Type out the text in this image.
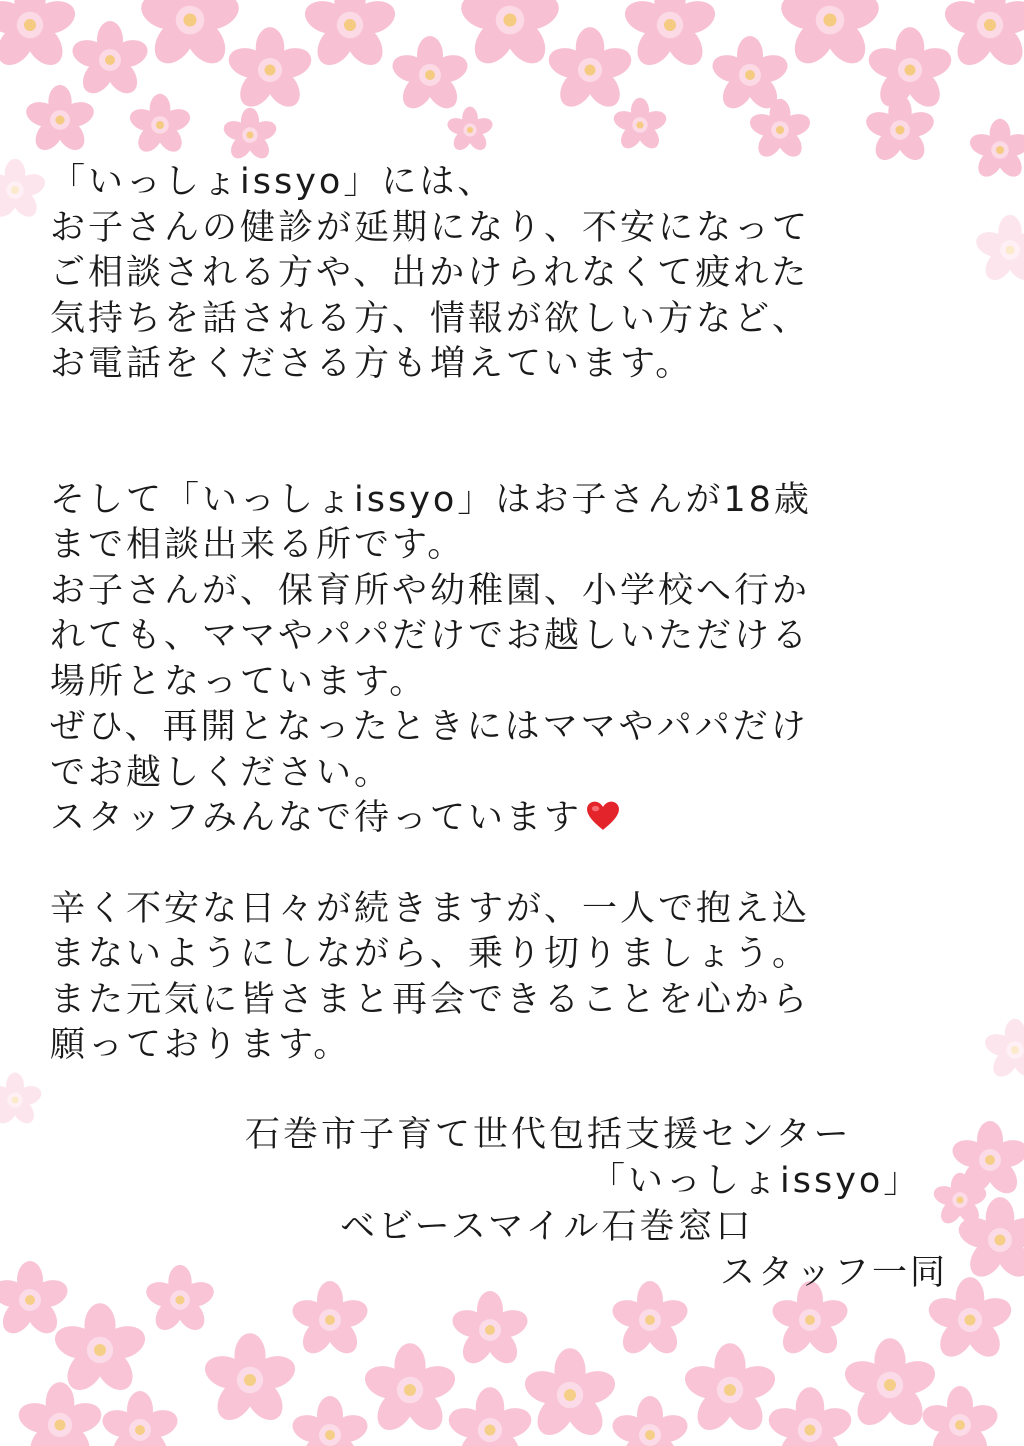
「いっしょissyo」には、
お子さんの健診が延期になり、不安になって
ご相談される方や、出かけられなくて疲れた
気持ちを話される方、情報が欲しい方など、
お電話をくださる方も増えています。

そして「いっしょissyo」はお子さんが18歳
まで相談出来る所です。
お子さんが、保育所や幼稚園、小学校へ行か
れても、ママやパパだけでお越しいただける
場所となっています。
ぜひ、再開となったときにはママやパパだけ
でお越しください。
スタッフみんなで待っています

辛く不安な日々が続きますが、一人で抱え込
まないようにしながら、乗り切りましょう。
また元気に皆さまと再会できることを心から
願っております。

石巻市子育て世代包括支援センター
「いっしょissyo」
ベビースマイル石巻窓口
スタッフ一同
